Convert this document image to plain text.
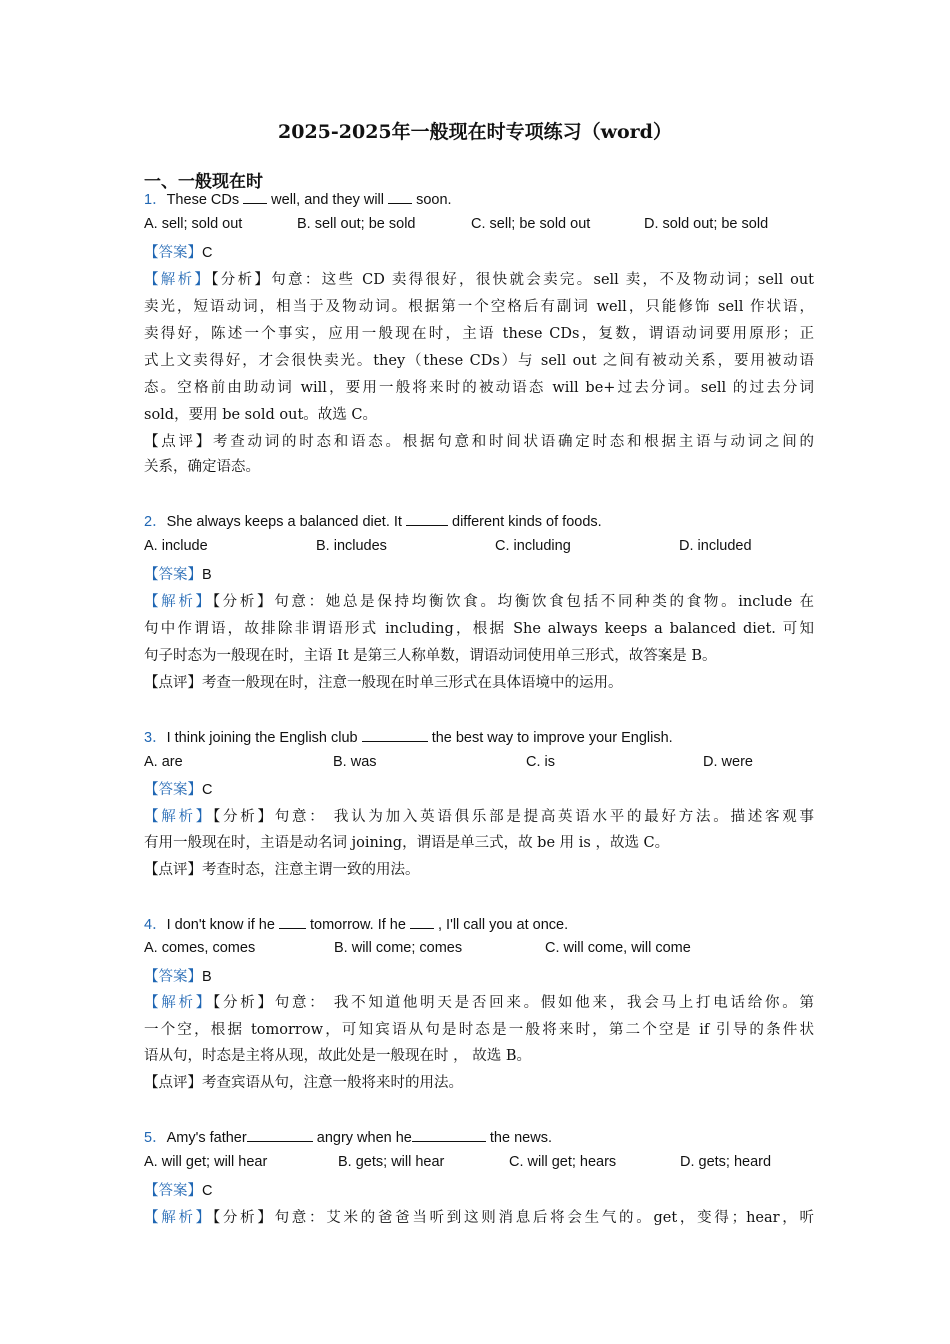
2025-2025年一般现在时专项练习（word）
一、一般现在时
1．These CDs well, and they will soon.
A. sell; sold out	B. sell out; be sold	C. sell; be sold out	D. sold out; be sold
【答案】C
【解析】【分析】句意：这些 CD 卖得很好，很快就会卖完。sell 卖，不及物动词；sell out
卖光，短语动词，相当于及物动词。根据第一个空格后有副词 well，只能修饰 sell 作状语，
卖得好，陈述一个事实，应用一般现在时，主语 these CDs，复数，谓语动词要用原形；正
式上文卖得好，才会很快卖光。they（these CDs）与 sell out 之间有被动关系，要用被动语
态。空格前由助动词 will，要用一般将来时的被动语态 will be+过去分词。sell 的过去分词
sold，要用 be sold out。故选 C。
【点评】考查动词的时态和语态。根据句意和时间状语确定时态和根据主语与动词之间的
关系，确定语态。
2．She always keeps a balanced diet. It	different kinds of foods.
A. include	B. includes	C. including	D. included
【答案】B
【解析】【分析】句意：她总是保持均衡饮食。均衡饮食包括不同种类的食物。include 在
句中作谓语，故排除非谓语形式 including，根据 She always keeps a balanced diet. 可知
句子时态为一般现在时，主语 It 是第三人称单数，谓语动词使用单三形式，故答案是 B。
【点评】考查一般现在时，注意一般现在时单三形式在具体语境中的运用。
3．I think joining the English club	the best way to improve your English.
A. are	B. was	C. is	D. were
【答案】C
【解析】【分析】句意： 我认为加入英语俱乐部是提高英语水平的最好方法。描述客观事
有用一般现在时，主语是动名词 joining，谓语是单三式，故 be 用 is ，故选 C。
【点评】考查时态，注意主谓一致的用法。
4．I don't know if he tomorrow. If he , I'll call you at once.
A. comes, comes	B. will come; comes	C. will come, will come
【答案】B
【解析】【分析】句意： 我不知道他明天是否回来。假如他来，我会马上打电话给你。第
一个空，根据 tomorrow，可知宾语从句是时态是一般将来时，第二个空是 if 引导的条件状
语从句，时态是主将从现，故此处是一般现在时 ， 故选 B。
【点评】考查宾语从句，注意一般将来时的用法。
5．Amy's father	angry when he	the news.
A. will get; will hear	B. gets; will hear	C. will get; hears	D. gets; heard
【答案】C
【解析】【分析】句意：艾米的爸爸当听到这则消息后将会生气的。get，变得；hear，听
